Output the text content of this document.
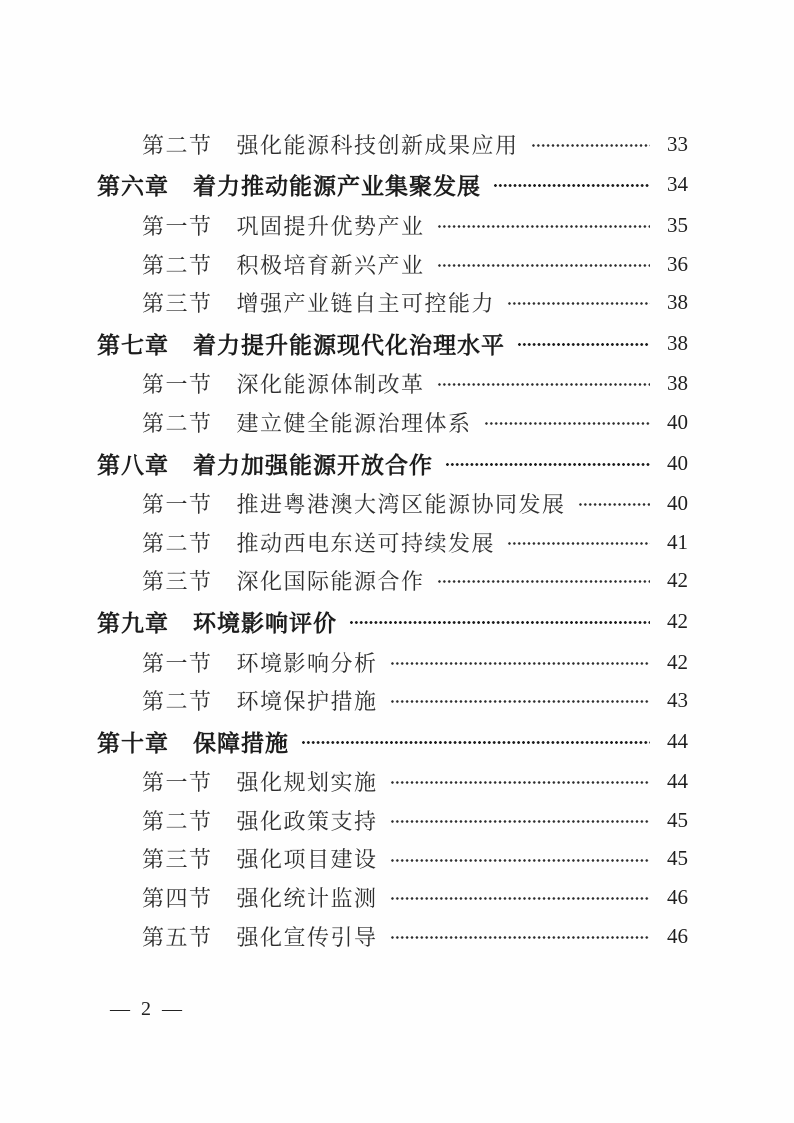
第二节 强化能源科技创新成果应用	33
第六章 着力推动能源产业集聚发展	34
第一节 巩固提升优势产业	35
第二节 积极培育新兴产业	36
第三节 增强产业链自主可控能力	38
第七章 着力提升能源现代化治理水平	38
第一节 深化能源体制改革	38
第二节 建立健全能源治理体系	40
第八章 着力加强能源开放合作	40
第一节 推进粤港澳大湾区能源协同发展	40
第二节 推动西电东送可持续发展	41
第三节 深化国际能源合作	42
第九章 环境影响评价	42
第一节 环境影响分析	42
第二节 环境保护措施	43
第十章 保障措施	44
第一节 强化规划实施	44
第二节 强化政策支持	45
第三节 强化项目建设	45
第四节 强化统计监测	46
第五节 强化宣传引导	46
— 2 —
